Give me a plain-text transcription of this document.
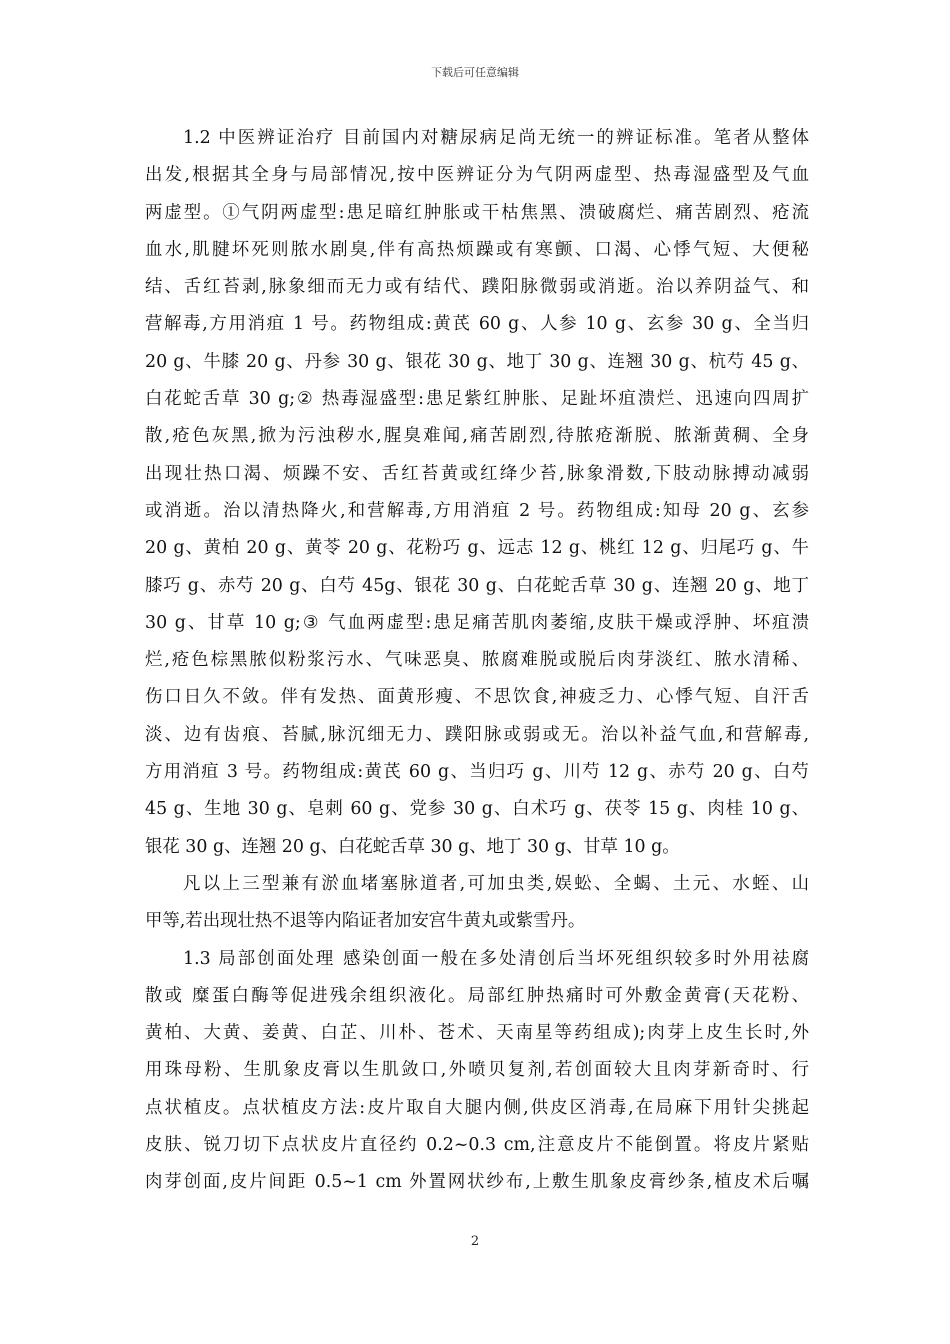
下载后可任意编辑
1.2 中医辨证治疗 目前国内对糖尿病足尚无统一的辨证标准。笔者从整体
出发,根据其全身与局部情况,按中医辨证分为气阴两虚型、热毒湿盛型及气血
两虚型。①气阴两虚型:患足暗红肿胀或干枯焦黑、溃破腐烂、痛苦剧烈、疮流
血水,肌腱坏死则脓水剧臭,伴有高热烦躁或有寒颤、口渴、心悸气短、大便秘
结、舌红苔剥,脉象细而无力或有结代、蹼阳脉微弱或消逝。治以养阴益气、和
营解毒,方用消疽 1 号。药物组成:黄芪 60 g、人参 10 g、玄参 30 g、全当归
20 g、牛膝 20 g、丹参 30 g、银花 30 g、地丁 30 g、连翘 30 g、杭芍 45 g、
白花蛇舌草 30 g;② 热毒湿盛型:患足紫红肿胀、足趾坏疽溃烂、迅速向四周扩
散,疮色灰黑,掀为污浊秽水,腥臭难闻,痛苦剧烈,待脓疮渐脱、脓渐黄稠、全身
出现壮热口渴、烦躁不安、舌红苔黄或红绛少苔,脉象滑数,下肢动脉搏动减弱
或消逝。治以清热降火,和营解毒,方用消疽 2 号。药物组成:知母 20 g、玄参
20 g、黄柏 20 g、黄苓 20 g、花粉巧 g、远志 12 g、桃红 12 g、归尾巧 g、牛
膝巧 g、赤芍 20 g、白芍 45g、银花 30 g、白花蛇舌草 30 g、连翘 20 g、地丁
30 g、甘草 10 g;③ 气血两虚型:患足痛苦肌肉萎缩,皮肤干燥或浮肿、坏疽溃
烂,疮色棕黑脓似粉浆污水、气味恶臭、脓腐难脱或脱后肉芽淡红、脓水清稀、
伤口日久不敛。伴有发热、面黄形瘦、不思饮食,神疲乏力、心悸气短、自汗舌
淡、边有齿痕、苔腻,脉沉细无力、蹼阳脉或弱或无。治以补益气血,和营解毒,
方用消疽 3 号。药物组成:黄芪 60 g、当归巧 g、川芍 12 g、赤芍 20 g、白芍
45 g、生地 30 g、皂刺 60 g、党参 30 g、白术巧 g、茯苓 15 g、肉桂 10 g、
银花 30 g、连翘 20 g、白花蛇舌草 30 g、地丁 30 g、甘草 10 g。
凡以上三型兼有淤血堵塞脉道者,可加虫类,娱蚣、全蝎、土元、水蛭、山
甲等,若出现壮热不退等内陷证者加安宫牛黄丸或紫雪丹。
1.3 局部创面处理 感染创面一般在多处清创后当坏死组织较多时外用祛腐
散或 糜蛋白酶等促进残余组织液化。局部红肿热痛时可外敷金黄膏(天花粉、
黄柏、大黄、姜黄、白芷、川朴、苍术、天南星等药组成);肉芽上皮生长时,外
用珠母粉、生肌象皮膏以生肌敛口,外喷贝复剂,若创面较大且肉芽新奇时、行
点状植皮。点状植皮方法:皮片取自大腿内侧,供皮区消毒,在局麻下用针尖挑起
皮肤、锐刀切下点状皮片直径约 0.2~0.3 cm,注意皮片不能倒置。将皮片紧贴
肉芽创面,皮片间距 0.5~1 cm 外置网状纱布,上敷生肌象皮膏纱条,植皮术后嘱
2
